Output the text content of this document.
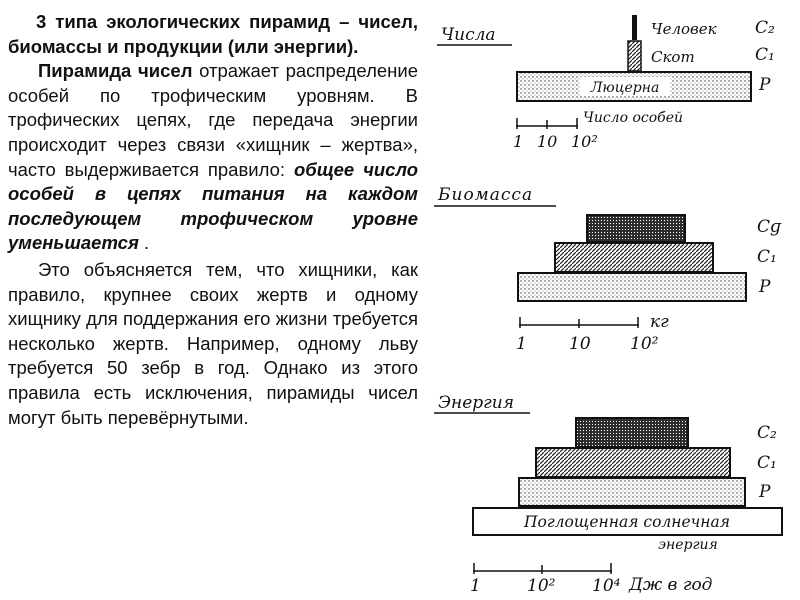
3 типа экологических пирамид – чисел, биомассы и продукции (или энергии).

Пирамида чисел отражает распределение особей по трофическим уровням. В трофических цепях, где передача энергии происходит через связи «хищник – жертва», часто выдерживается правило: общее число особей в цепях питания на каждом последующем трофическом уровне уменьшается .

Это объясняется тем, что хищники, как правило, крупнее своих жертв и одному хищнику для поддержания его жизни требуется несколько жертв. Например, одному льву требуется 50 зебр в год. Однако из этого правила есть исключения, пирамиды чисел могут быть перевёрнутыми.

Числа
Люцерна
Человек
Скот
C₂
C₁
P
Число особей
1 10 10²
Биомасса
Cɡ
C₁
P
кг
1 10 10²
Энергия
Поглощенная солнечная
энергия
C₂
C₁
P
1	10² 10⁴ Дж в год
